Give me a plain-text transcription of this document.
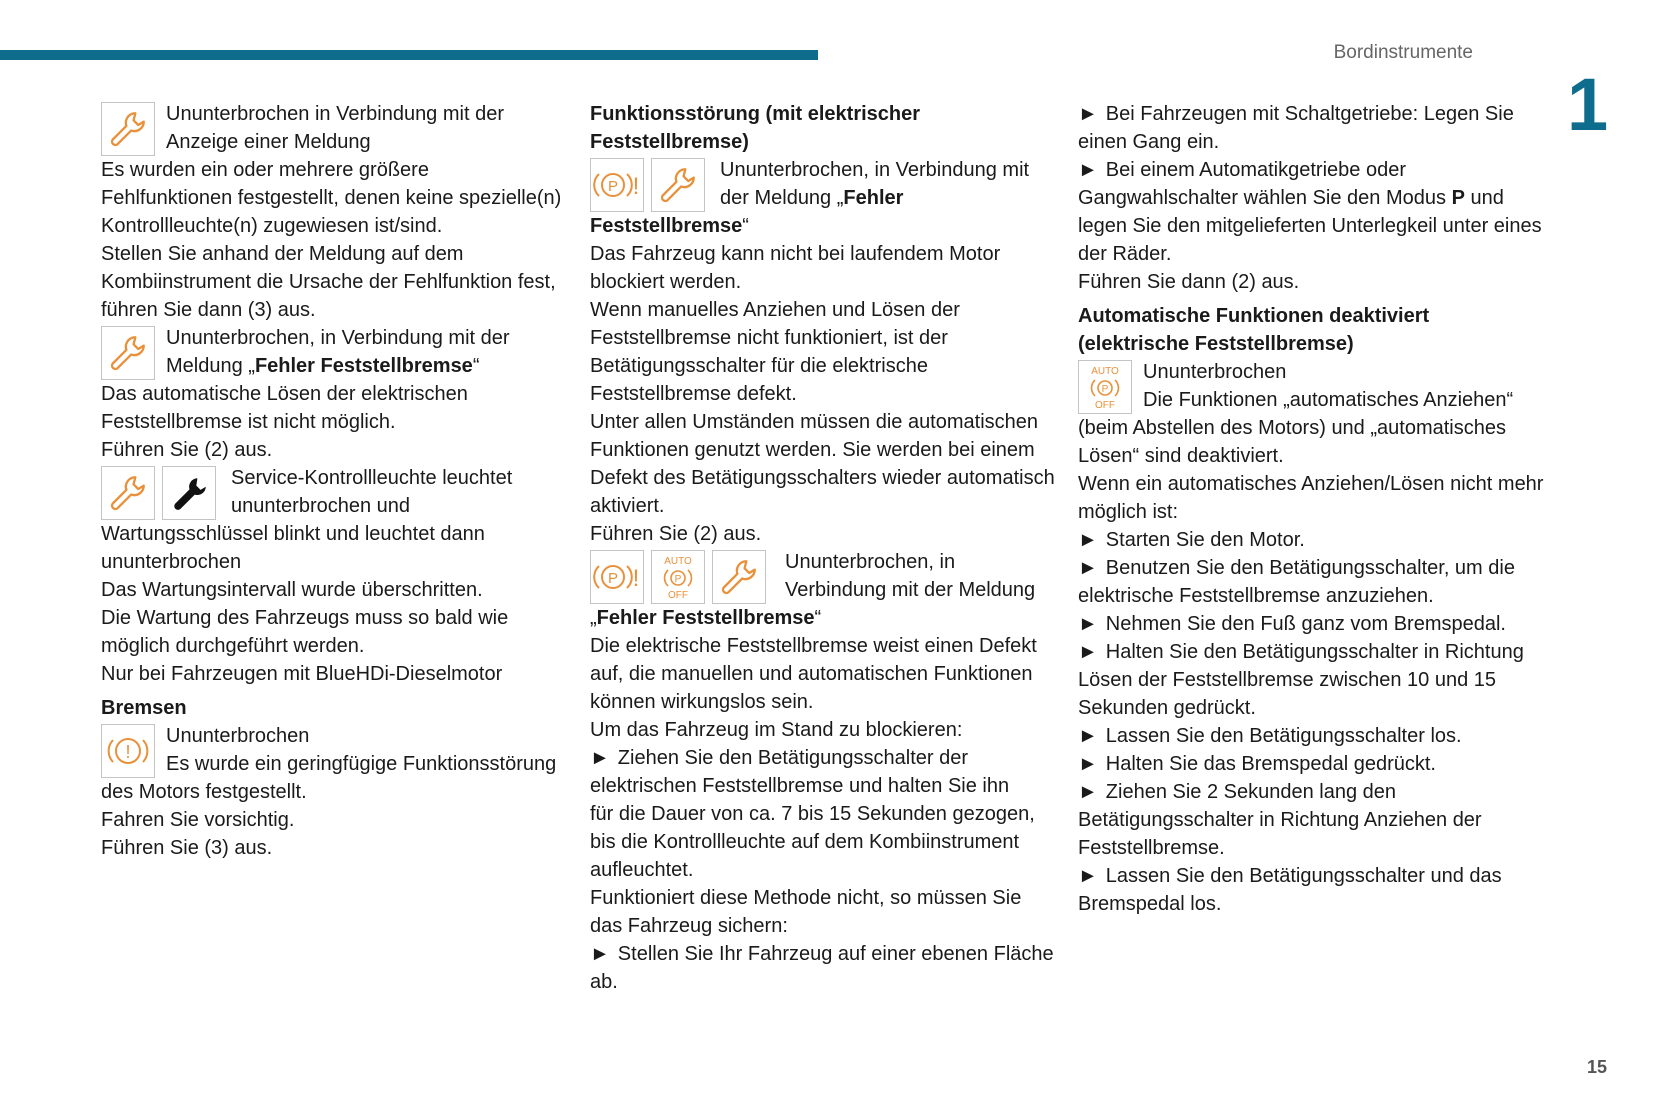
Bordinstrumente
1
15
Ununterbrochen in Verbindung mit der
Anzeige einer Meldung
Es wurden ein oder mehrere größere
Fehlfunktionen festgestellt, denen keine spezielle(n)
Kontrollleuchte(n) zugewiesen ist/sind.
Stellen Sie anhand der Meldung auf dem
Kombiinstrument die Ursache der Fehlfunktion fest,
führen Sie dann (3) aus.
Ununterbrochen, in Verbindung mit der
Meldung „Fehler Feststellbremse“
Das automatische Lösen der elektrischen
Feststellbremse ist nicht möglich.
Führen Sie (2) aus.
Service-Kontrollleuchte leuchtet
ununterbrochen und
Wartungsschlüssel blinkt und leuchtet dann
ununterbrochen
Das Wartungsintervall wurde überschritten.
Die Wartung des Fahrzeugs muss so bald wie
möglich durchgeführt werden.
Nur bei Fahrzeugen mit BlueHDi-Dieselmotor
Bremsen
!
Ununterbrochen
Es wurde ein geringfügige Funktionsstörung
des Motors festgestellt.
Fahren Sie vorsichtig.
Führen Sie (3) aus.
Funktionsstörung (mit elektrischer
Feststellbremse)
P !
Ununterbrochen, in Verbindung mit
der Meldung „Fehler
Feststellbremse“
Das Fahrzeug kann nicht bei laufendem Motor
blockiert werden.
Wenn manuelles Anziehen und Lösen der
Feststellbremse nicht funktioniert, ist der
Betätigungsschalter für die elektrische
Feststellbremse defekt.
Unter allen Umständen müssen die automatischen
Funktionen genutzt werden. Sie werden bei einem
Defekt des Betätigungsschalters wieder automatisch
aktiviert.
Führen Sie (2) aus.
P !
AUTO
P
OFF
Ununterbrochen, in
Verbindung mit der Meldung
„Fehler Feststellbremse“
Die elektrische Feststellbremse weist einen Defekt
auf, die manuellen und automatischen Funktionen
können wirkungslos sein.
Um das Fahrzeug im Stand zu blockieren:
► Ziehen Sie den Betätigungsschalter der
elektrischen Feststellbremse und halten Sie ihn
für die Dauer von ca. 7 bis 15 Sekunden gezogen,
bis die Kontrollleuchte auf dem Kombiinstrument
aufleuchtet.
Funktioniert diese Methode nicht, so müssen Sie
das Fahrzeug sichern:
► Stellen Sie Ihr Fahrzeug auf einer ebenen Fläche
ab.
► Bei Fahrzeugen mit Schaltgetriebe: Legen Sie
einen Gang ein.
► Bei einem Automatikgetriebe oder
Gangwahlschalter wählen Sie den Modus P und
legen Sie den mitgelieferten Unterlegkeil unter eines
der Räder.
Führen Sie dann (2) aus.
Automatische Funktionen deaktiviert
(elektrische Feststellbremse)
AUTO
P
OFF
Ununterbrochen
Die Funktionen „automatisches Anziehen“
(beim Abstellen des Motors) und „automatisches
Lösen“ sind deaktiviert.
Wenn ein automatisches Anziehen/Lösen nicht mehr
möglich ist:
► Starten Sie den Motor.
► Benutzen Sie den Betätigungsschalter, um die
elektrische Feststellbremse anzuziehen.
► Nehmen Sie den Fuß ganz vom Bremspedal.
► Halten Sie den Betätigungsschalter in Richtung
Lösen der Feststellbremse zwischen 10 und 15
Sekunden gedrückt.
► Lassen Sie den Betätigungsschalter los.
► Halten Sie das Bremspedal gedrückt.
► Ziehen Sie 2 Sekunden lang den
Betätigungsschalter in Richtung Anziehen der
Feststellbremse.
► Lassen Sie den Betätigungsschalter und das
Bremspedal los.
